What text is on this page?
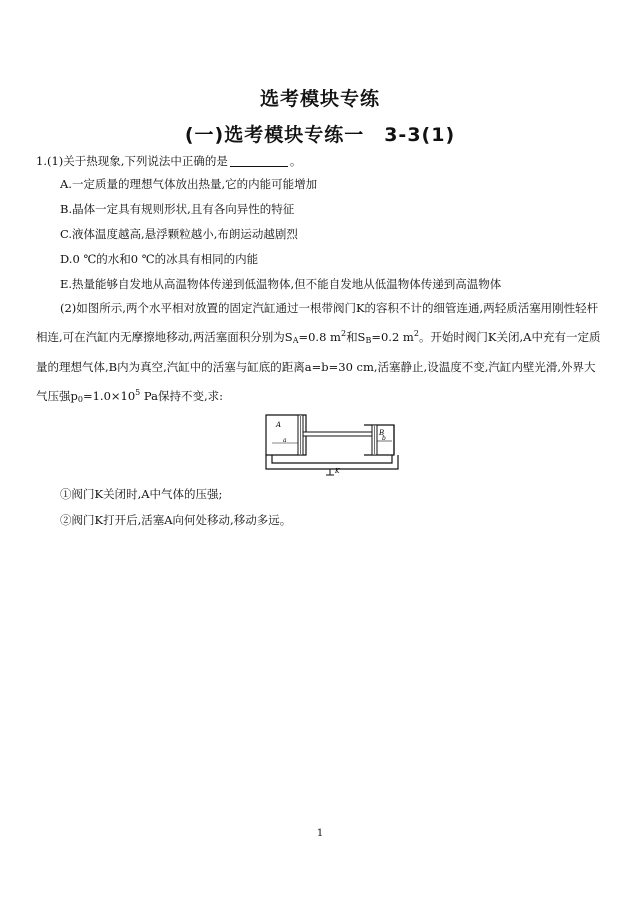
选考模块专练
(一)选考模块专练一　3-3(1)
1.(1)关于热现象,下列说法中正确的是	。
A.一定质量的理想气体放出热量,它的内能可能增加
B.晶体一定具有规则形状,且有各向异性的特征
C.液体温度越高,悬浮颗粒越小,布朗运动越剧烈
D.0 ℃的水和0 ℃的冰具有相同的内能
E.热量能够自发地从高温物体传递到低温物体,但不能自发地从低温物体传递到高温物体
(2)如图所示,两个水平相对放置的固定汽缸通过一根带阀门K的容积不计的细管连通,两轻质活塞用刚性轻杆相连,可在汽缸内无摩擦地移动,两活塞面积分别为$S_A=0.8$ $m^2$和$S_B=0.2$ $m^2$。开始时阀门K关闭,A中充有一定质量的理想气体,B内为真空,汽缸中的活塞与缸底的距离a=b=30 cm,活塞静止,设温度不变,汽缸内壁光滑,外界大气压强$p_0=1.0\times 10^5$ Pa保持不变,求:
A
B
a	b
K
①阀门K关闭时,A中气体的压强;
②阀门K打开后,活塞A向何处移动,移动多远。
1
